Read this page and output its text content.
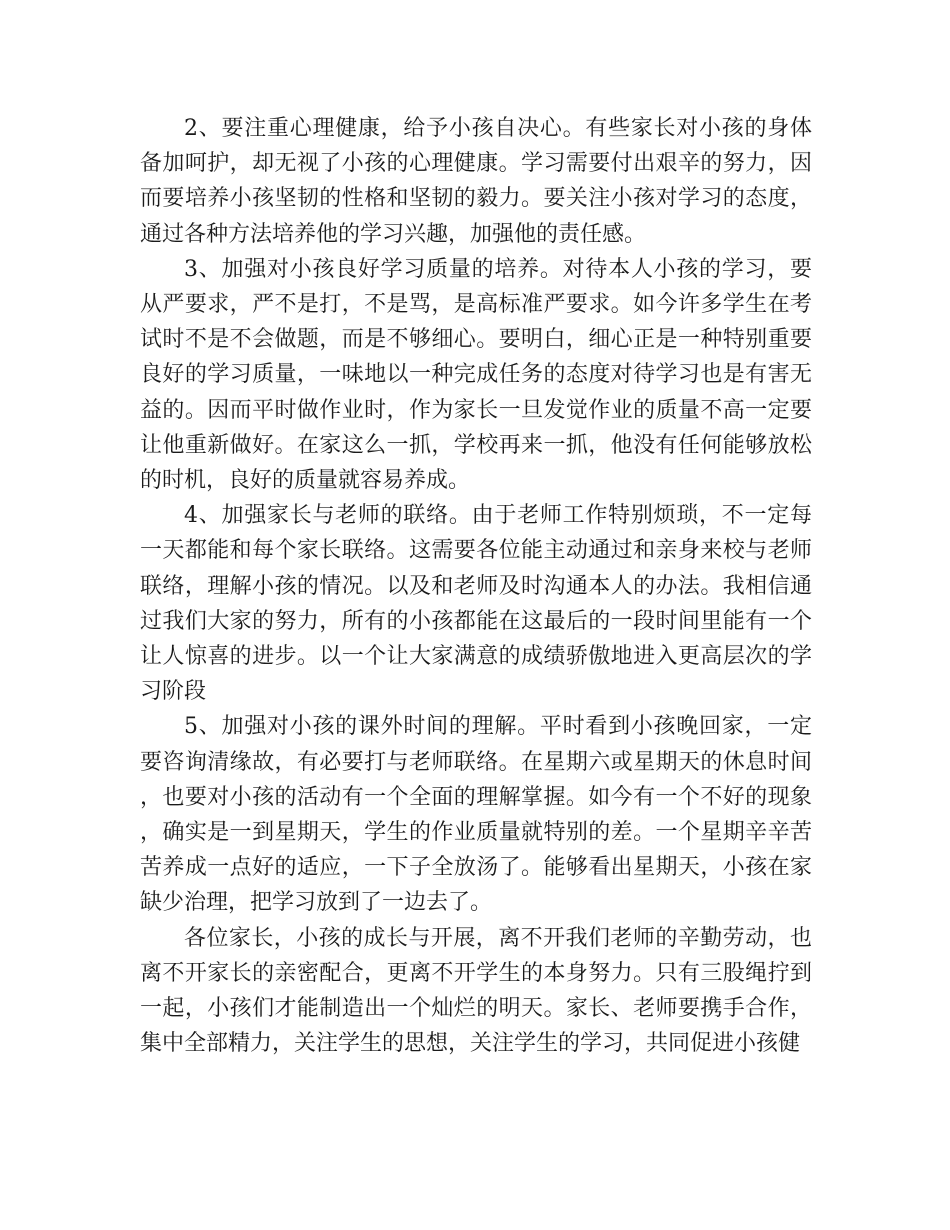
2、要注重心理健康，给予小孩自决心。有些家长对小孩的身体备加呵护，却无视了小孩的心理健康。学习需要付出艰辛的努力，因而要培养小孩坚韧的性格和坚韧的毅力。要关注小孩对学习的态度，通过各种方法培养他的学习兴趣，加强他的责任感。

3、加强对小孩良好学习质量的培养。对待本人小孩的学习，要从严要求，严不是打，不是骂，是高标准严要求。如今许多学生在考试时不是不会做题，而是不够细心。要明白，细心正是一种特别重要良好的学习质量，一味地以一种完成任务的态度对待学习也是有害无益的。因而平时做作业时，作为家长一旦发觉作业的质量不高一定要让他重新做好。在家这么一抓，学校再来一抓，他没有任何能够放松的时机，良好的质量就容易养成。

4、加强家长与老师的联络。由于老师工作特别烦琐，不一定每一天都能和每个家长联络。这需要各位能主动通过和亲身来校与老师联络，理解小孩的情况。以及和老师及时沟通本人的办法。我相信通过我们大家的努力，所有的小孩都能在这最后的一段时间里能有一个让人惊喜的进步。以一个让大家满意的成绩骄傲地进入更高层次的学习阶段

5、加强对小孩的课外时间的理解。平时看到小孩晚回家，一定要咨询清缘故，有必要打与老师联络。在星期六或星期天的休息时间，也要对小孩的活动有一个全面的理解掌握。如今有一个不好的现象，确实是一到星期天，学生的作业质量就特别的差。一个星期辛辛苦苦养成一点好的适应，一下子全放汤了。能够看出星期天，小孩在家缺少治理，把学习放到了一边去了。

各位家长，小孩的成长与开展，离不开我们老师的辛勤劳动，也离不开家长的亲密配合，更离不开学生的本身努力。只有三股绳拧到一起，小孩们才能制造出一个灿烂的明天。家长、老师要携手合作，集中全部精力，关注学生的思想，关注学生的学习，共同促进小孩健
